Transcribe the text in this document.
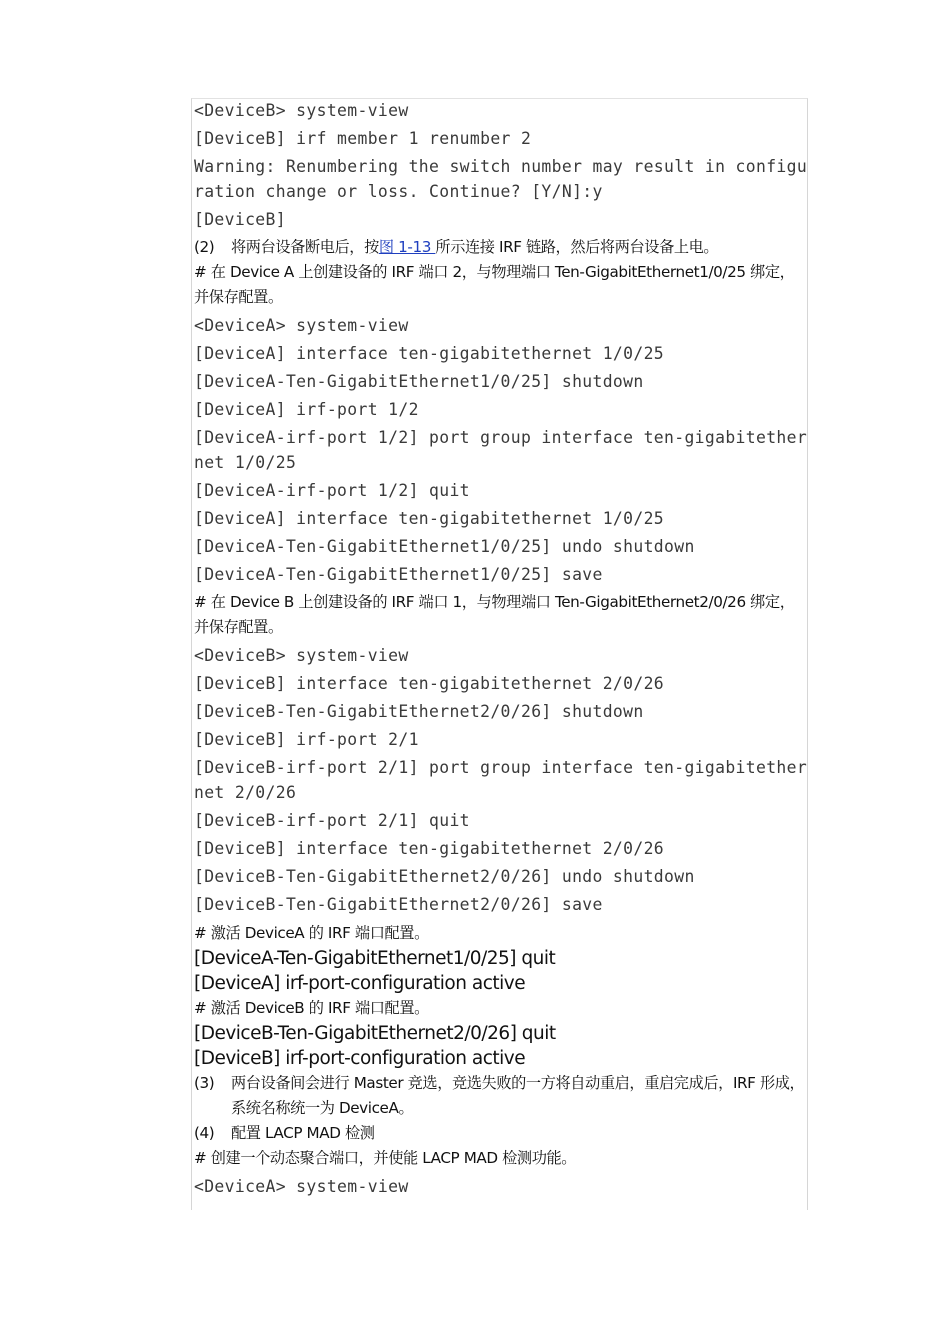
<DeviceB> system-view
[DeviceB] irf member 1 renumber 2
Warning: Renumbering the switch number may result in configuration change or loss. Continue? [Y/N]:y
[DeviceB]
(2)	将两台设备断电后，按图 1-13 所示连接 IRF 链路，然后将两台设备上电。

# 在 Device A 上创建设备的 IRF 端口 2，与物理端口 Ten-GigabitEthernet1/0/25 绑定，并保存配置。

<DeviceA> system-view
[DeviceA] interface ten-gigabitethernet 1/0/25
[DeviceA-Ten-GigabitEthernet1/0/25] shutdown
[DeviceA] irf-port 1/2
[DeviceA-irf-port 1/2] port group interface ten-gigabitethernet 1/0/25
[DeviceA-irf-port 1/2] quit
[DeviceA] interface ten-gigabitethernet 1/0/25
[DeviceA-Ten-GigabitEthernet1/0/25] undo shutdown
[DeviceA-Ten-GigabitEthernet1/0/25] save

# 在 Device B 上创建设备的 IRF 端口 1，与物理端口 Ten-GigabitEthernet2/0/26 绑定，并保存配置。

<DeviceB> system-view
[DeviceB] interface ten-gigabitethernet 2/0/26
[DeviceB-Ten-GigabitEthernet2/0/26] shutdown
[DeviceB] irf-port 2/1
[DeviceB-irf-port 2/1] port group interface ten-gigabitethernet 2/0/26
[DeviceB-irf-port 2/1] quit
[DeviceB] interface ten-gigabitethernet 2/0/26
[DeviceB-Ten-GigabitEthernet2/0/26] undo shutdown
[DeviceB-Ten-GigabitEthernet2/0/26] save

# 激活 DeviceA 的 IRF 端口配置。

[DeviceA-Ten-GigabitEthernet1/0/25] quit

[DeviceA] irf-port-configuration active

# 激活 DeviceB 的 IRF 端口配置。

[DeviceB-Ten-GigabitEthernet2/0/26] quit

[DeviceB] irf-port-configuration active

(3)	两台设备间会进行 Master 竞选，竞选失败的一方将自动重启，重启完成后，IRF 形成，系统名称统一为 DeviceA。
(4)	配置 LACP MAD 检测

# 创建一个动态聚合端口，并使能 LACP MAD 检测功能。

<DeviceA> system-view
